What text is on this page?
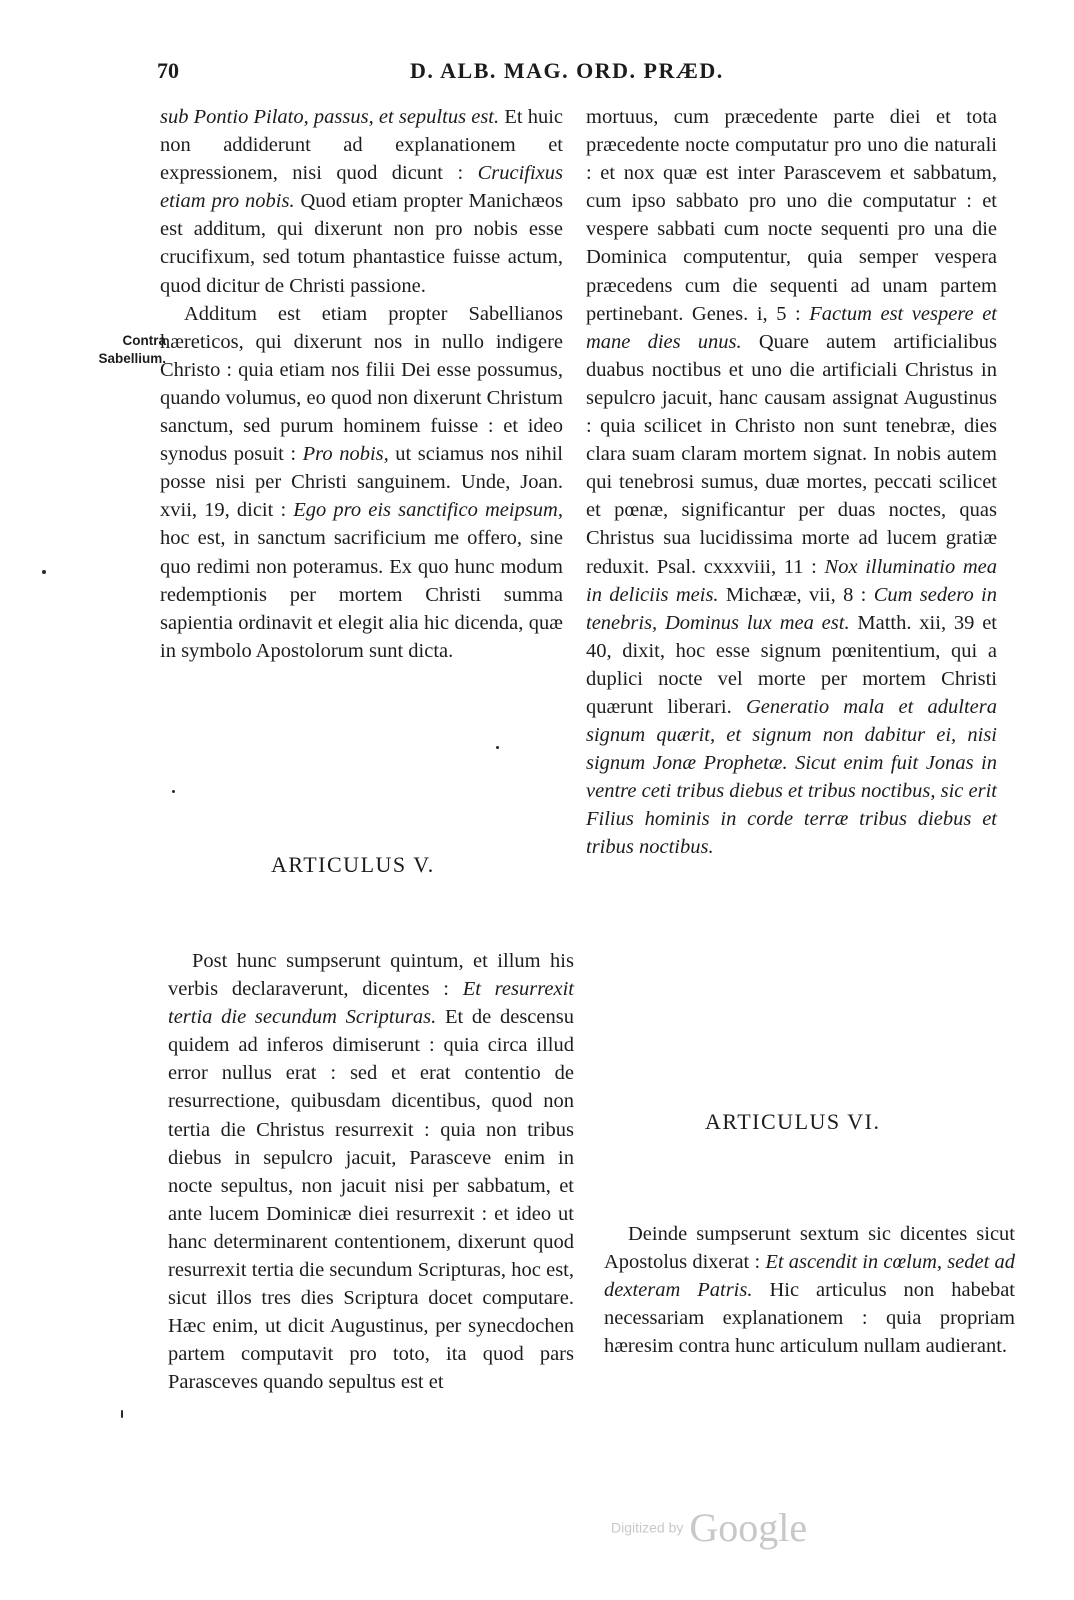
70	D. ALB. MAG. ORD. PRÆD.
Contra
Sabellium.

sub Pontio Pilato, passus, et sepultus est. Et huic non addiderunt ad explanationem et expressionem, nisi quod dicunt : Crucifixus etiam pro nobis. Quod etiam propter Manichæos est additum, qui dixerunt non pro nobis esse crucifixum, sed totum phantastice fuisse actum, quod dicitur de Christi passione.

Additum est etiam propter Sabellianos hæreticos, qui dixerunt nos in nullo indigere Christo : quia etiam nos filii Dei esse possumus, quando volumus, eo quod non dixerunt Christum sanctum, sed purum hominem fuisse : et ideo synodus posuit : Pro nobis, ut sciamus nos nihil posse nisi per Christi sanguinem. Unde, Joan. xvii, 19, dicit : Ego pro eis sanctifico meipsum, hoc est, in sanctum sacrificium me offero, sine quo redimi non poteramus. Ex quo hunc modum redemptionis per mortem Christi summa sapientia ordinavit et elegit alia hic dicenda, quæ in symbolo Apostolorum sunt dicta.

ARTICULUS V.

Post hunc sumpserunt quintum, et illum his verbis declaraverunt, dicentes : Et resurrexit tertia die secundum Scripturas. Et de descensu quidem ad inferos dimiserunt : quia circa illud error nullus erat : sed et erat contentio de resurrectione, quibusdam dicentibus, quod non tertia die Christus resurrexit : quia non tribus diebus in sepulcro jacuit, Parasceve enim in nocte sepultus, non jacuit nisi per sabbatum, et ante lucem Dominicæ diei resurrexit : et ideo ut hanc determinarent contentionem, dixerunt quod resurrexit tertia die secundum Scripturas, hoc est, sicut illos tres dies Scriptura docet computare. Hæc enim, ut dicit Augustinus, per synecdochen partem computavit pro toto, ita quod pars Parasceves quando sepultus est et

mortuus, cum præcedente parte diei et tota præcedente nocte computatur pro uno die naturali : et nox quæ est inter Parascevem et sabbatum, cum ipso sabbato pro uno die computatur : et vespere sabbati cum nocte sequenti pro una die Dominica computentur, quia semper vespera præcedens cum die sequenti ad unam partem pertinebant. Genes. i, 5 : Factum est vespere et mane dies unus. Quare autem artificialibus duabus noctibus et uno die artificiali Christus in sepulcro jacuit, hanc causam assignat Augustinus : quia scilicet in Christo non sunt tenebræ, dies clara suam claram mortem signat. In nobis autem qui tenebrosi sumus, duæ mortes, peccati scilicet et pœnæ, significantur per duas noctes, quas Christus sua lucidissima morte ad lucem gratiæ reduxit. Psal. cxxxviii, 11 : Nox illuminatio mea in deliciis meis. Michææ, vii, 8 : Cum sedero in tenebris, Dominus lux mea est. Matth. xii, 39 et 40, dixit, hoc esse signum pœnitentium, qui a duplici nocte vel morte per mortem Christi quærunt liberari. Generatio mala et adultera signum quærit, et signum non dabitur ei, nisi signum Jonæ Prophetæ. Sicut enim fuit Jonas in ventre ceti tribus diebus et tribus noctibus, sic erit Filius hominis in corde terræ tribus diebus et tribus noctibus.

ARTICULUS VI.

Deinde sumpserunt sextum sic dicentes sicut Apostolus dixerat : Et ascendit in cœlum, sedet ad dexteram Patris. Hic articulus non habebat necessariam explanationem : quia propriam hæresim contra hunc articulum nullam audierant.

Digitized by Google
